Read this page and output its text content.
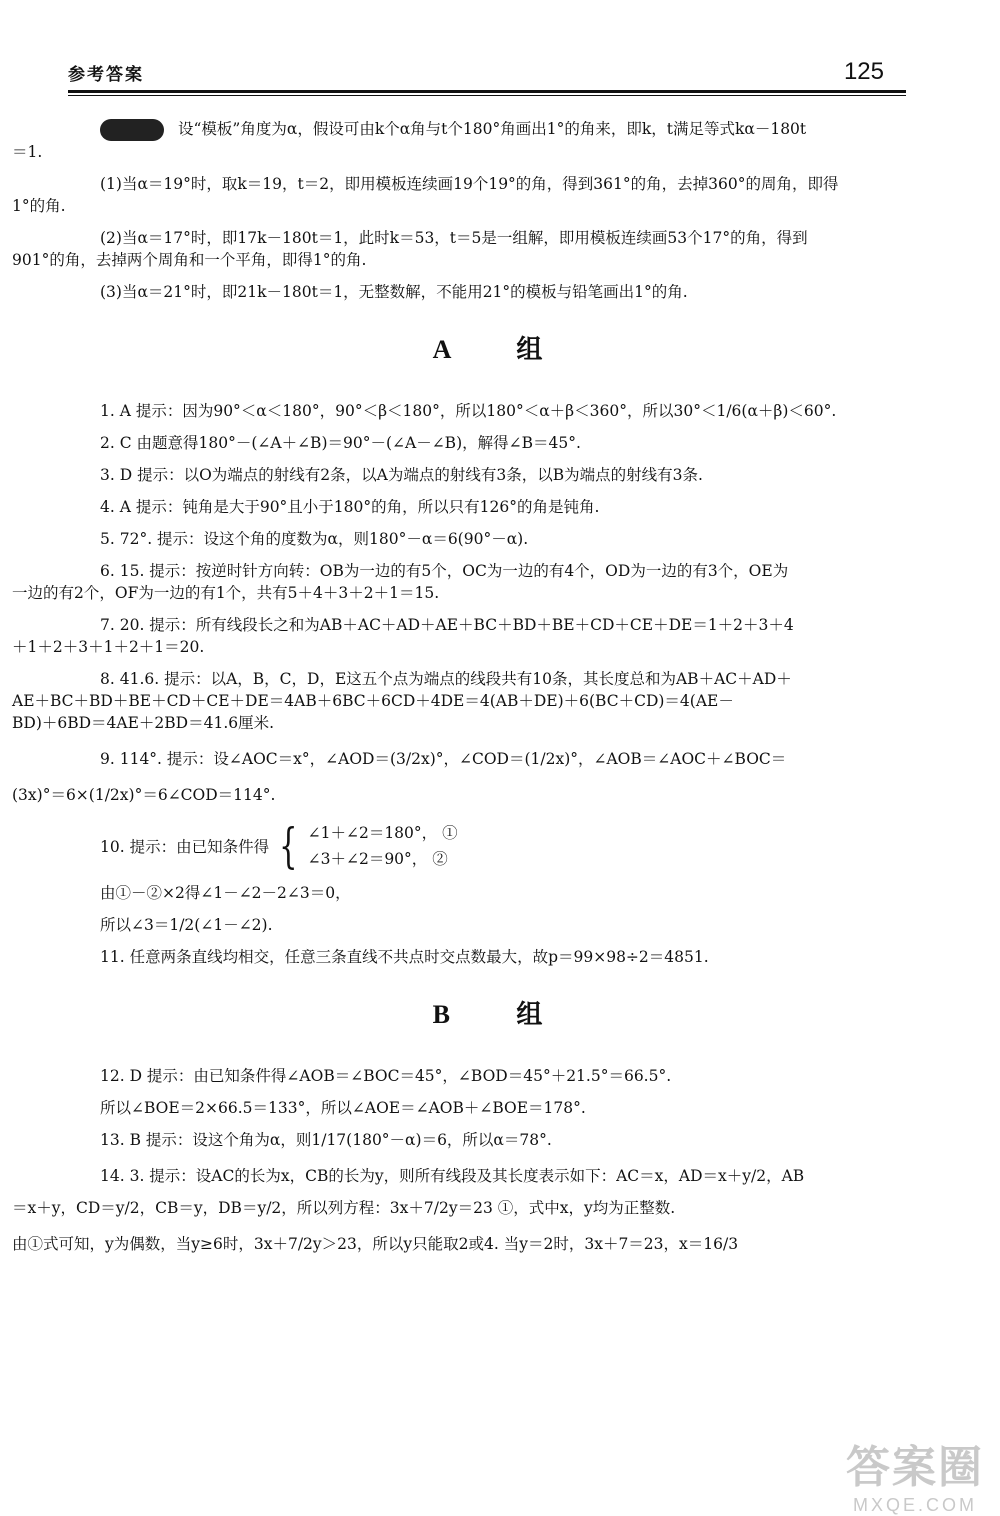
参考答案	125

设“模板”角度为α，假设可由k个α角与t个180°角画出1°的角来，即k，t满足等式kα－180t

＝1.

(1)当α＝19°时，取k＝19，t＝2，即用模板连续画19个19°的角，得到361°的角，去掉360°的周角，即得

1°的角.

(2)当α＝17°时，即17k－180t＝1，此时k＝53，t＝5是一组解，即用模板连续画53个17°的角，得到

901°的角，去掉两个周角和一个平角，即得1°的角.

(3)当α＝21°时，即21k－180t＝1，无整数解，不能用21°的模板与铅笔画出1°的角.

A 组

1. A 提示：因为90°＜α＜180°，90°＜β＜180°，所以180°＜α＋β＜360°，所以30°＜1/6(α＋β)＜60°.

2. C 由题意得180°－(∠A＋∠B)＝90°－(∠A－∠B)，解得∠B＝45°.

3. D 提示：以O为端点的射线有2条，以A为端点的射线有3条，以B为端点的射线有3条.

4. A 提示：钝角是大于90°且小于180°的角，所以只有126°的角是钝角.

5. 72°. 提示：设这个角的度数为α，则180°－α＝6(90°－α).

6. 15. 提示：按逆时针方向转：OB为一边的有5个，OC为一边的有4个，OD为一边的有3个，OE为

一边的有2个，OF为一边的有1个，共有5＋4＋3＋2＋1＝15.

7. 20. 提示：所有线段长之和为AB＋AC＋AD＋AE＋BC＋BD＋BE＋CD＋CE＋DE＝1＋2＋3＋4

＋1＋2＋3＋1＋2＋1＝20.

8. 41.6. 提示：以A，B，C，D，E这五个点为端点的线段共有10条，其长度总和为AB＋AC＋AD＋

AE＋BC＋BD＋BE＋CD＋CE＋DE＝4AB＋6BC＋6CD＋4DE＝4(AB＋DE)＋6(BC＋CD)＝4(AE－

BD)＋6BD＝4AE＋2BD＝41.6厘米.

9. 114°. 提示：设∠AOC＝x°，∠AOD＝(3/2x)°，∠COD＝(1/2x)°，∠AOB＝∠AOC＋∠BOC＝

(3x)°＝6×(1/2x)°＝6∠COD＝114°.

10. 提示：由已知条件得 { ∠1＋∠2＝180°， ①

∠3＋∠2＝90°， ②

由①－②×2得∠1－∠2－2∠3＝0，

所以∠3＝1/2(∠1－∠2).

11. 任意两条直线均相交，任意三条直线不共点时交点数最大，故p＝99×98÷2＝4851.

B 组

12. D 提示：由已知条件得∠AOB＝∠BOC＝45°，∠BOD＝45°＋21.5°＝66.5°.

所以∠BOE＝2×66.5＝133°，所以∠AOE＝∠AOB＋∠BOE＝178°.

13. B 提示：设这个角为α，则1/17(180°－α)＝6，所以α＝78°.

14. 3. 提示：设AC的长为x，CB的长为y，则所有线段及其长度表示如下：AC＝x，AD＝x＋y/2，AB

＝x＋y，CD＝y/2，CB＝y，DB＝y/2，所以列方程：3x＋7/2y＝23 ①，式中x，y均为正整数.

由①式可知，y为偶数，当y≥6时，3x＋7/2y＞23，所以y只能取2或4. 当y＝2时，3x＋7＝23，x＝16/3

答案圈
MXQE.COM
